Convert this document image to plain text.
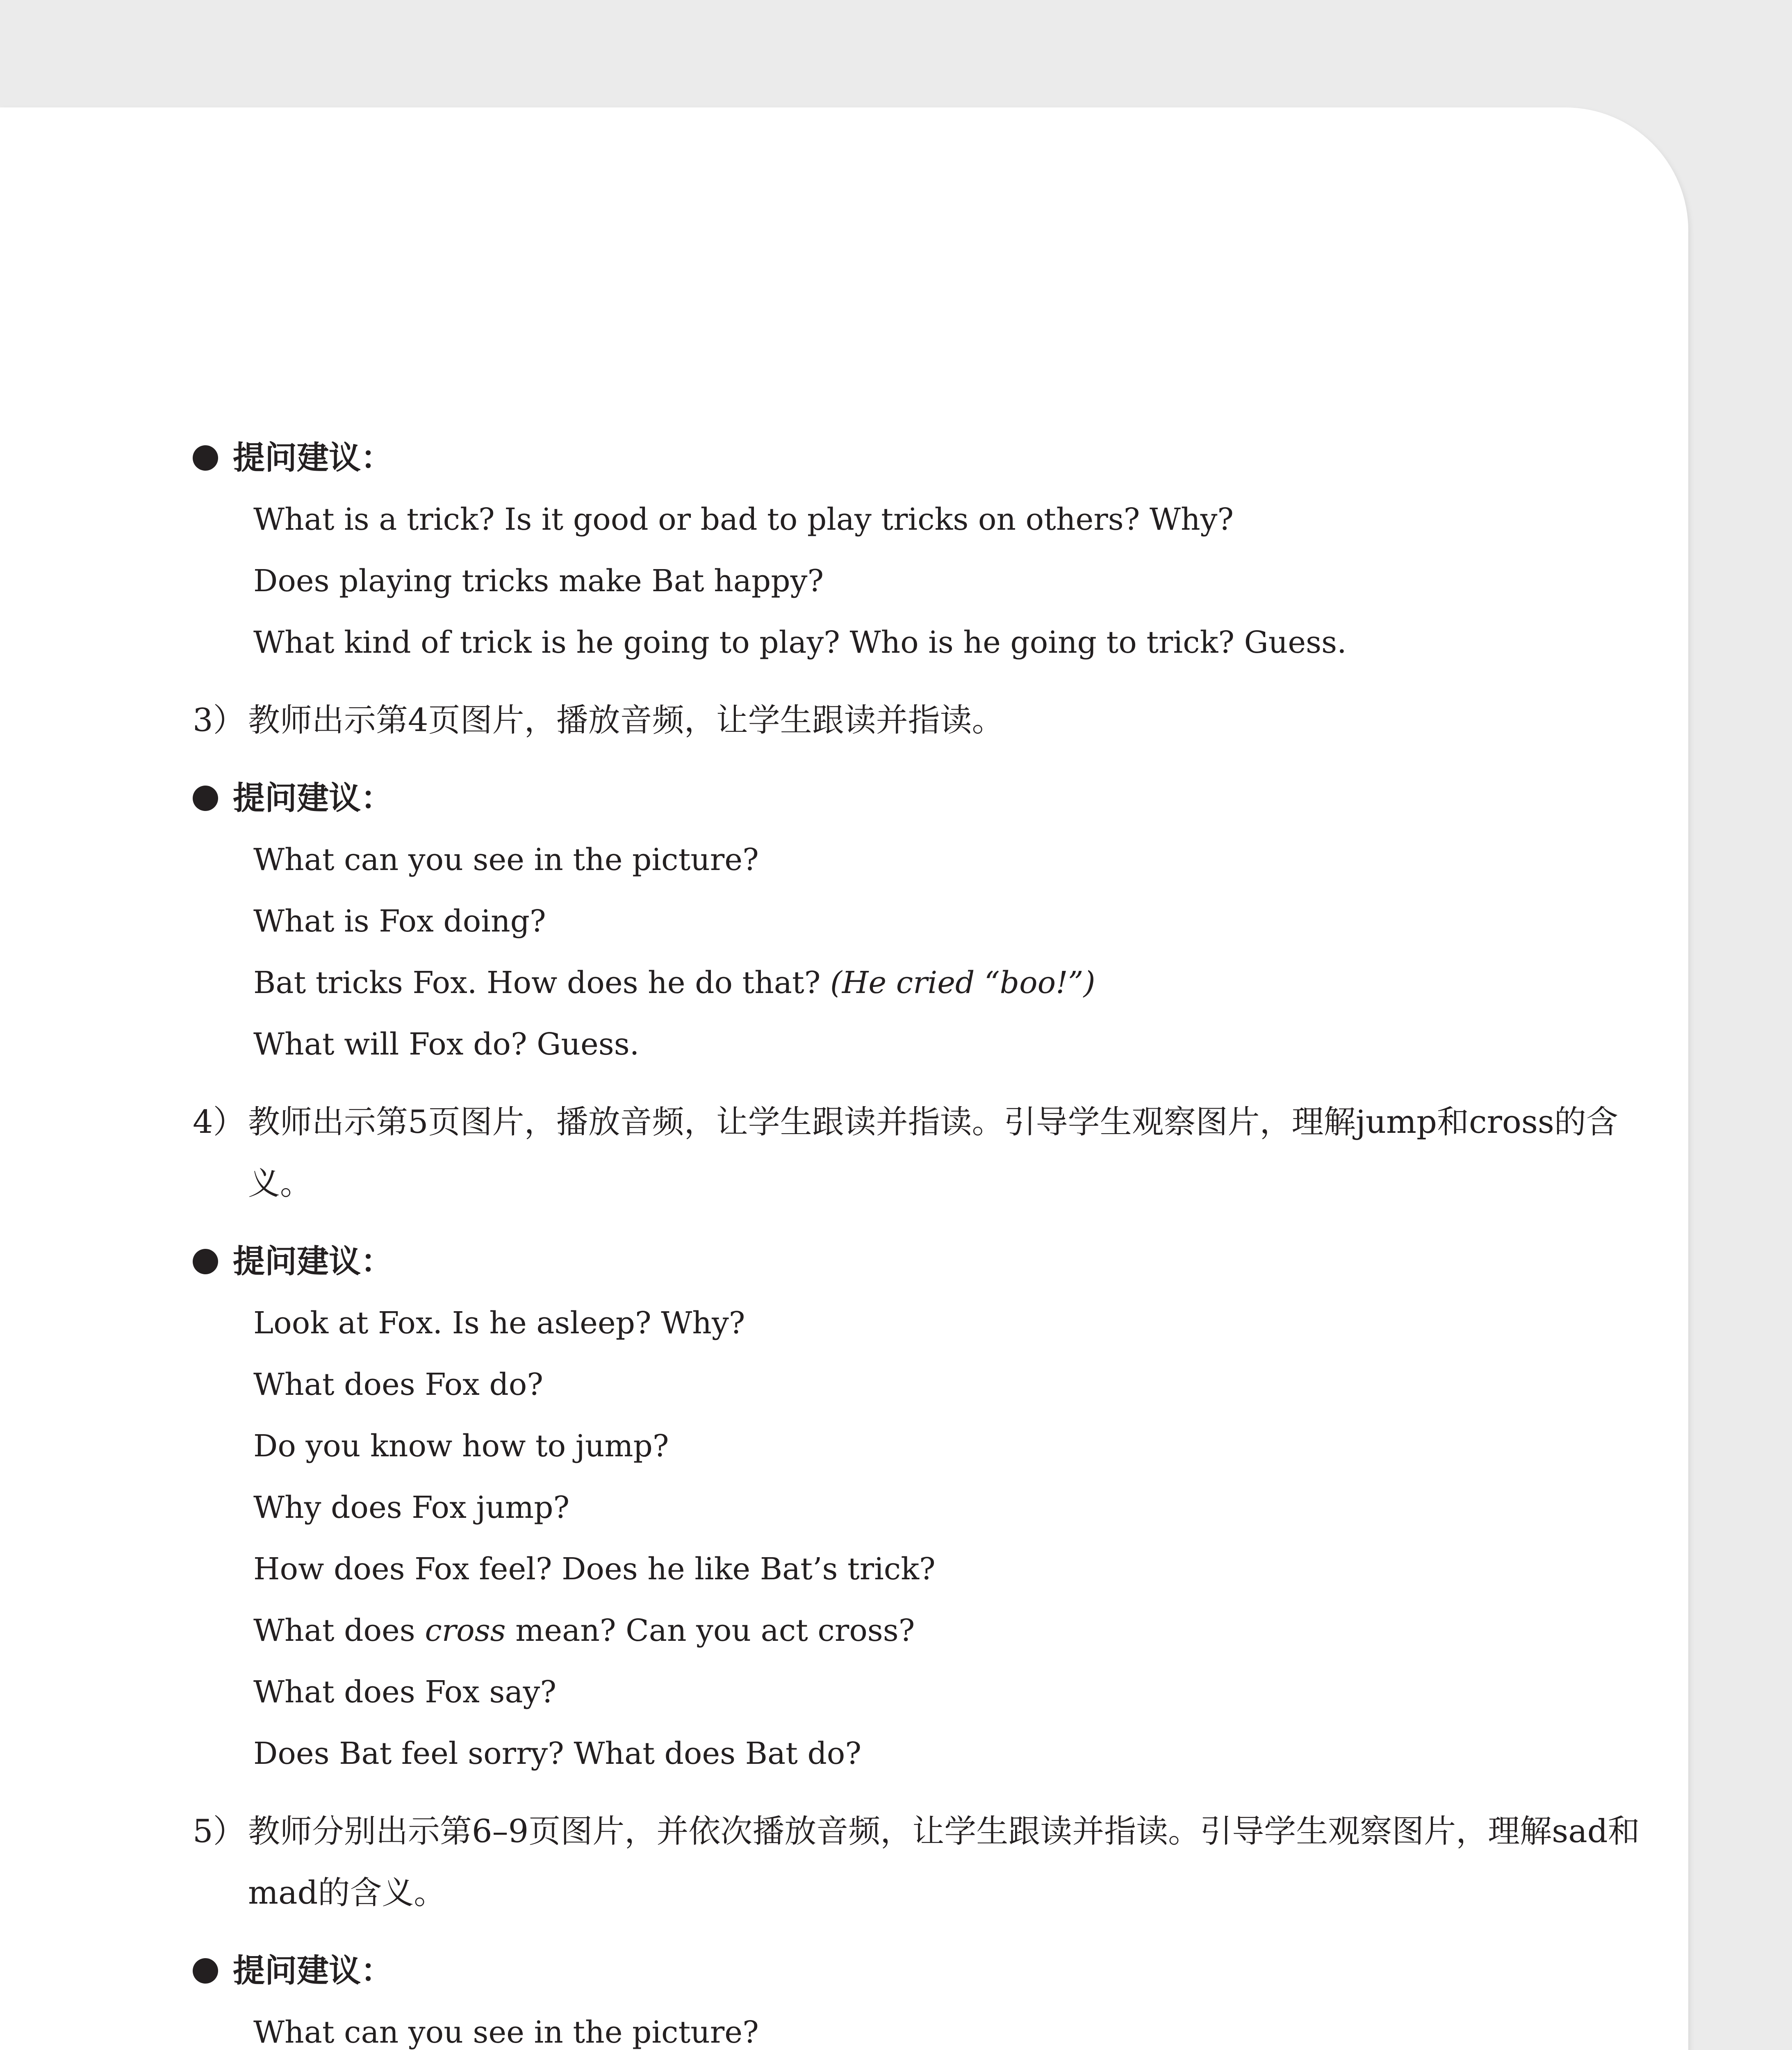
提问建议：
What is a trick? Is it good or bad to play tricks on others? Why?
Does playing tricks make Bat happy?
What kind of trick is he going to play? Who is he going to trick? Guess.
3） 教师出示第4页图片，播放音频，让学生跟读并指读。
提问建议：
What can you see in the picture?
What is Fox doing?
Bat tricks Fox. How does he do that? (He cried “boo!”)
What will Fox do? Guess.
4） 教师出示第5页图片，播放音频，让学生跟读并指读。引导学生观察图片，理解jump和cross的含义。
提问建议：
Look at Fox. Is he asleep? Why?
What does Fox do?
Do you know how to jump?
Why does Fox jump?
How does Fox feel? Does he like Bat’s trick?
What does cross mean? Can you act cross?
What does Fox say?
Does Bat feel sorry? What does Bat do?
5） 教师分别出示第6–9页图片，并依次播放音频，让学生跟读并指读。引导学生观察图片，理解sad和mad的含义。
提问建议：
What can you see in the picture?
